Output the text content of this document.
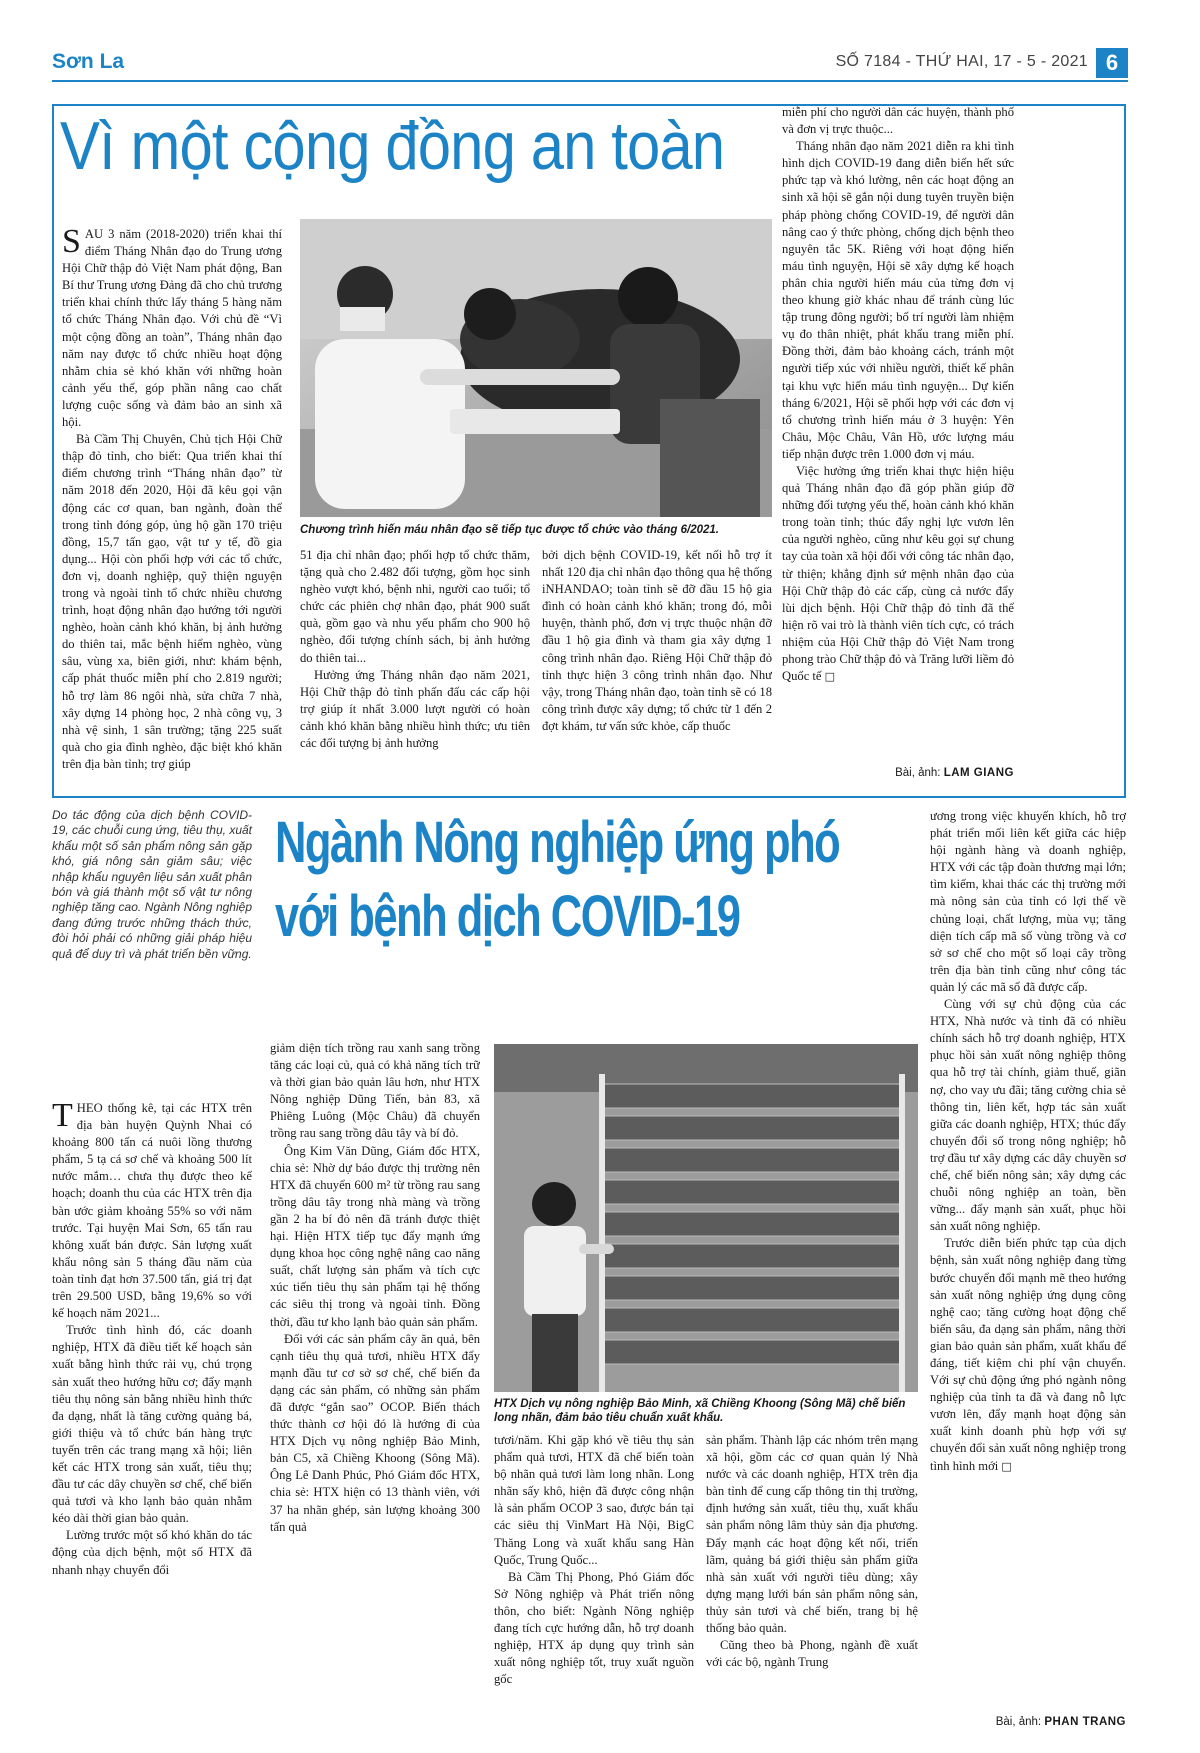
Sơn La	SỐ 7184 - THỨ HAI, 17 - 5 - 2021 6
Vì một cộng đồng an toàn

SAU 3 năm (2018-2020) triển khai thí điểm Tháng Nhân đạo do Trung ương Hội Chữ thập đỏ Việt Nam phát động, Ban Bí thư Trung ương Đảng đã cho chủ trương triển khai chính thức lấy tháng 5 hàng năm tổ chức Tháng Nhân đạo. Với chủ đề “Vì một cộng đồng an toàn”, Tháng nhân đạo năm nay được tổ chức nhiều hoạt động nhằm chia sẻ khó khăn với những hoàn cảnh yếu thế, góp phần nâng cao chất lượng cuộc sống và đảm bảo an sinh xã hội.

Bà Cầm Thị Chuyên, Chủ tịch Hội Chữ thập đỏ tỉnh, cho biết: Qua triển khai thí điểm chương trình “Tháng nhân đạo” từ năm 2018 đến 2020, Hội đã kêu gọi vận động các cơ quan, ban ngành, đoàn thể trong tỉnh đóng góp, ủng hộ gần 170 triệu đồng, 15,7 tấn gạo, vật tư y tế, đồ gia dụng... Hội còn phối hợp với các tổ chức, đơn vị, doanh nghiệp, quỹ thiện nguyện trong và ngoài tỉnh tổ chức nhiều chương trình, hoạt động nhân đạo hướng tới người nghèo, hoàn cảnh khó khăn, bị ảnh hưởng do thiên tai, mắc bệnh hiểm nghèo, vùng sâu, vùng xa, biên giới, như: khám bệnh, cấp phát thuốc miễn phí cho 2.819 người; hỗ trợ làm 86 ngôi nhà, sửa chữa 7 nhà, xây dựng 14 phòng học, 2 nhà công vụ, 3 nhà vệ sinh, 1 sân trường; tặng 225 suất quà cho gia đình nghèo, đặc biệt khó khăn trên địa bàn tỉnh; trợ giúp

Chương trình hiến máu nhân đạo sẽ tiếp tục được tổ chức vào tháng 6/2021.

51 địa chỉ nhân đạo; phối hợp tổ chức thăm, tặng quà cho 2.482 đối tượng, gồm học sinh nghèo vượt khó, bệnh nhi, người cao tuổi; tổ chức các phiên chợ nhân đạo, phát 900 suất quà, gồm gạo và nhu yếu phẩm cho 900 hộ nghèo, đối tượng chính sách, bị ảnh hưởng do thiên tai...

Hưởng ứng Tháng nhân đạo năm 2021, Hội Chữ thập đỏ tỉnh phấn đấu các cấp hội trợ giúp ít nhất 3.000 lượt người có hoàn cảnh khó khăn bằng nhiều hình thức; ưu tiên các đối tượng bị ảnh hưởng

bởi dịch bệnh COVID-19, kết nối hỗ trợ ít nhất 120 địa chỉ nhân đạo thông qua hệ thống iNHANDAO; toàn tỉnh sẽ đỡ đầu 15 hộ gia đình có hoàn cảnh khó khăn; trong đó, mỗi huyện, thành phố, đơn vị trực thuộc nhận đỡ đầu 1 hộ gia đình và tham gia xây dựng 1 công trình nhân đạo. Riêng Hội Chữ thập đỏ tỉnh thực hiện 3 công trình nhân đạo. Như vậy, trong Tháng nhân đạo, toàn tỉnh sẽ có 18 công trình được xây dựng; tổ chức từ 1 đến 2 đợt khám, tư vấn sức khỏe, cấp thuốc

miễn phí cho người dân các huyện, thành phố và đơn vị trực thuộc...

Tháng nhân đạo năm 2021 diễn ra khi tình hình dịch COVID-19 đang diễn biến hết sức phức tạp và khó lường, nên các hoạt động an sinh xã hội sẽ gắn nội dung tuyên truyền biện pháp phòng chống COVID-19, để người dân nâng cao ý thức phòng, chống dịch bệnh theo nguyên tắc 5K. Riêng với hoạt động hiến máu tình nguyện, Hội sẽ xây dựng kế hoạch phân chia người hiến máu của từng đơn vị theo khung giờ khác nhau để tránh cùng lúc tập trung đông người; bố trí người làm nhiệm vụ đo thân nhiệt, phát khẩu trang miễn phí. Đồng thời, đảm bảo khoảng cách, tránh một người tiếp xúc với nhiều người, thiết kế phân tại khu vực hiến máu tình nguyện... Dự kiến tháng 6/2021, Hội sẽ phối hợp với các đơn vị tổ chương trình hiến máu ở 3 huyện: Yên Châu, Mộc Châu, Vân Hồ, ước lượng máu tiếp nhận được trên 1.000 đơn vị máu.

Việc hưởng ứng triển khai thực hiện hiệu quả Tháng nhân đạo đã góp phần giúp đỡ những đối tượng yếu thế, hoàn cảnh khó khăn trong toàn tỉnh; thúc đẩy nghị lực vươn lên của người nghèo, cũng như kêu gọi sự chung tay của toàn xã hội đối với công tác nhân đạo, từ thiện; khẳng định sứ mệnh nhân đạo của Hội Chữ thập đỏ các cấp, cùng cả nước đẩy lùi dịch bệnh. Hội Chữ thập đỏ tỉnh đã thể hiện rõ vai trò là thành viên tích cực, có trách nhiệm của Hội Chữ thập đỏ Việt Nam trong phong trào Chữ thập đỏ và Trăng lưỡi liềm đỏ Quốc tế □

Bài, ảnh: LAM GIANG
Do tác động của dịch bệnh COVID-19, các chuỗi cung ứng, tiêu thụ, xuất khẩu một số sản phẩm nông sản gặp khó, giá nông sản giảm sâu; việc nhập khẩu nguyên liệu sản xuất phân bón và giá thành một số vật tư nông nghiệp tăng cao. Ngành Nông nghiệp đang đứng trước những thách thức, đòi hỏi phải có những giải pháp hiệu quả để duy trì và phát triển bền vững.
Ngành Nông nghiệp ứng phó
với bệnh dịch COVID-19

THEO thống kê, tại các HTX trên địa bàn huyện Quỳnh Nhai có khoảng 800 tấn cá nuôi lồng thương phẩm, 5 tạ cá sơ chế và khoảng 500 lít nước mắm… chưa thụ được theo kế hoạch; doanh thu của các HTX trên địa bàn ước giảm khoảng 55% so với năm trước. Tại huyện Mai Sơn, 65 tấn rau không xuất bán được. Sản lượng xuất khẩu nông sản 5 tháng đầu năm của toàn tỉnh đạt hơn 37.500 tấn, giá trị đạt trên 29.500 USD, bằng 19,6% so với kế hoạch năm 2021...

Trước tình hình đó, các doanh nghiệp, HTX đã điều tiết kế hoạch sản xuất bằng hình thức rải vụ, chú trọng sản xuất theo hướng hữu cơ; đẩy mạnh tiêu thụ nông sản bằng nhiều hình thức đa dạng, nhất là tăng cường quảng bá, giới thiệu và tổ chức bán hàng trực tuyến trên các trang mạng xã hội; liên kết các HTX trong sản xuất, tiêu thụ; đầu tư các dây chuyền sơ chế, chế biến quả tươi và kho lạnh bảo quản nhằm kéo dài thời gian bảo quản.

Lường trước một số khó khăn do tác động của dịch bệnh, một số HTX đã nhanh nhạy chuyển đổi

giảm diện tích trồng rau xanh sang trồng tăng các loại củ, quả có khả năng tích trữ và thời gian bảo quản lâu hơn, như HTX Nông nghiệp Dũng Tiến, bản 83, xã Phiêng Luông (Mộc Châu) đã chuyển trồng rau sang trồng dâu tây và bí đỏ.

Ông Kim Văn Dũng, Giám đốc HTX, chia sẻ: Nhờ dự báo được thị trường nên HTX đã chuyển 600 m² từ trồng rau sang trồng dâu tây trong nhà màng và trồng gần 2 ha bí đỏ nên đã tránh được thiệt hại. Hiện HTX tiếp tục đẩy mạnh ứng dụng khoa học công nghệ nâng cao năng suất, chất lượng sản phẩm và tích cực xúc tiến tiêu thụ sản phẩm tại hệ thống các siêu thị trong và ngoài tỉnh. Đồng thời, đầu tư kho lạnh bảo quản sản phẩm.

Đối với các sản phẩm cây ăn quả, bên cạnh tiêu thụ quả tươi, nhiều HTX đẩy mạnh đầu tư cơ sở sơ chế, chế biến đa dạng các sản phẩm, có những sản phẩm đã được “gắn sao” OCOP. Biến thách thức thành cơ hội đó là hướng đi của HTX Dịch vụ nông nghiệp Bảo Minh, bản C5, xã Chiềng Khoong (Sông Mã). Ông Lê Danh Phúc, Phó Giám đốc HTX, chia sẻ: HTX hiện có 13 thành viên, với 37 ha nhãn ghép, sản lượng khoảng 300 tấn quả

HTX Dịch vụ nông nghiệp Bảo Minh, xã Chiềng Khoong (Sông Mã) chế biến long nhãn, đảm bảo tiêu chuẩn xuất khẩu.

tươi/năm. Khi gặp khó về tiêu thụ sản phẩm quả tươi, HTX đã chế biến toàn bộ nhãn quả tươi làm long nhãn. Long nhãn sấy khô, hiện đã được công nhận là sản phẩm OCOP 3 sao, được bán tại các siêu thị VinMart Hà Nội, BigC Thăng Long và xuất khẩu sang Hàn Quốc, Trung Quốc...

Bà Cầm Thị Phong, Phó Giám đốc Sở Nông nghiệp và Phát triển nông thôn, cho biết: Ngành Nông nghiệp đang tích cực hướng dẫn, hỗ trợ doanh nghiệp, HTX áp dụng quy trình sản xuất nông nghiệp tốt, truy xuất nguồn gốc

sản phẩm. Thành lập các nhóm trên mạng xã hội, gồm các cơ quan quản lý Nhà nước và các doanh nghiệp, HTX trên địa bàn tỉnh để cung cấp thông tin thị trường, định hướng sản xuất, tiêu thụ, xuất khẩu sản phẩm nông lâm thủy sản địa phương. Đẩy mạnh các hoạt động kết nối, triển lãm, quảng bá giới thiệu sản phẩm giữa nhà sản xuất với người tiêu dùng; xây dựng mạng lưới bán sản phẩm nông sản, thủy sản tươi và chế biến, trang bị hệ thống bảo quản.

Cũng theo bà Phong, ngành đề xuất với các bộ, ngành Trung

ương trong việc khuyến khích, hỗ trợ phát triển mối liên kết giữa các hiệp hội ngành hàng và doanh nghiệp, HTX với các tập đoàn thương mại lớn; tìm kiếm, khai thác các thị trường mới mà nông sản của tỉnh có lợi thế về chủng loại, chất lượng, mùa vụ; tăng diện tích cấp mã số vùng trồng và cơ sở sơ chế cho một số loại cây trồng trên địa bàn tỉnh cũng như công tác quản lý các mã số đã được cấp.

Cùng với sự chủ động của các HTX, Nhà nước và tỉnh đã có nhiều chính sách hỗ trợ doanh nghiệp, HTX phục hồi sản xuất nông nghiệp thông qua hỗ trợ tài chính, giảm thuế, giãn nợ, cho vay ưu đãi; tăng cường chia sẻ thông tin, liên kết, hợp tác sản xuất giữa các doanh nghiệp, HTX; thúc đẩy chuyển đổi số trong nông nghiệp; hỗ trợ đầu tư xây dựng các dây chuyền sơ chế, chế biến nông sản; xây dựng các chuỗi nông nghiệp an toàn, bền vững... đẩy mạnh sản xuất, phục hồi sản xuất nông nghiệp.

Trước diễn biến phức tạp của dịch bệnh, sản xuất nông nghiệp đang từng bước chuyển đổi mạnh mẽ theo hướng sản xuất nông nghiệp ứng dụng công nghệ cao; tăng cường hoạt động chế biến sâu, đa dạng sản phẩm, nâng thời gian bảo quản sản phẩm, xuất khẩu để đáng, tiết kiệm chi phí vận chuyển. Với sự chủ động ứng phó ngành nông nghiệp của tỉnh ta đã và đang nỗ lực vươn lên, đẩy mạnh hoạt động sản xuất kinh doanh phù hợp với sự chuyển đổi sản xuất nông nghiệp trong tình hình mới □

Bài, ảnh: PHAN TRANG
